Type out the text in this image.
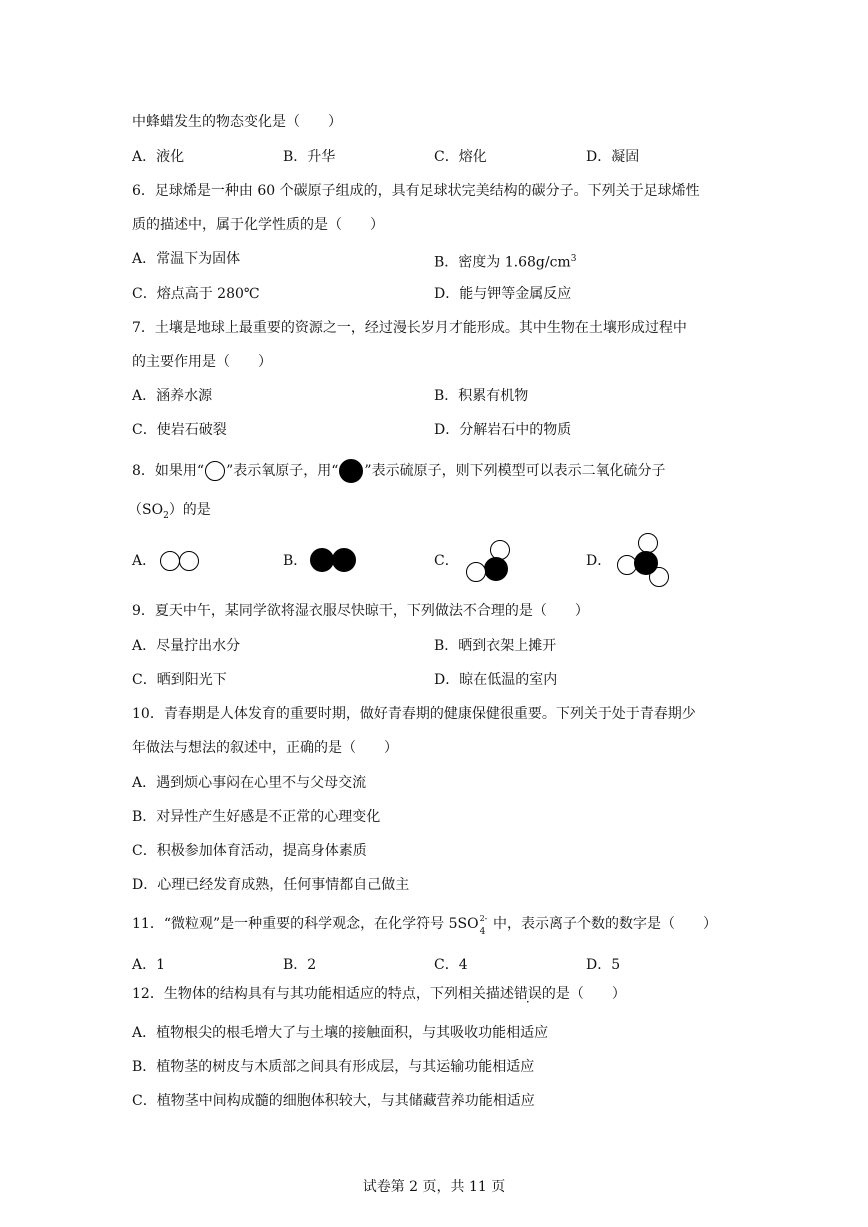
中蜂蜡发生的物态变化是（　　）
A．液化	B．升华	C．熔化	D．凝固
6．足球烯是一种由 60 个碳原子组成的，具有足球状完美结构的碳分子。下列关于足球烯性
质的描述中，属于化学性质的是（　　）
A．常温下为固体	B．密度为 $1.68g/cm^3$
C．熔点高于 280℃	D．能与钾等金属反应
7．土壤是地球上最重要的资源之一，经过漫长岁月才能形成。其中生物在土壤形成过程中
的主要作用是（　　）
A．涵养水源	B．积累有机物
C．使岩石破裂	D．分解岩石中的物质
8．如果用“ ”表示氧原子，用“ ”表示硫原子，则下列模型可以表示二氧化硫分子
$(SO_2)$的是
A．	B．	C．	D．
9．夏天中午，某同学欲将湿衣服尽快晾干，下列做法不合理的是（　　）
A．尽量拧出水分	B．晒到衣架上摊开
C．晒到阳光下	D．晾在低温的室内
10．青春期是人体发育的重要时期，做好青春期的健康保健很重要。下列关于处于青春期少
年做法与想法的叙述中，正确的是（　　）
A．遇到烦心事闷在心里不与父母交流
B．对异性产生好感是不正常的心理变化
C．积极参加体育活动，提高身体素质
D．心理已经发育成熟，任何事情都自己做主
11．“微粒观”是一种重要的科学观念，在化学符号 5SO 2-
4 中，表示离子个数的数字是（　　）
A．1	B．2	C．4	D．5
12．生物体的结构具有与其功能相适应的特点，下列相关描述错误的是（　　）
A．植物根尖的根毛增大了与土壤的接触面积，与其吸收功能相适应
B．植物茎的树皮与木质部之间具有形成层，与其运输功能相适应
C．植物茎中间构成髓的细胞体积较大，与其储藏营养功能相适应
试卷第 2 页，共 11 页
